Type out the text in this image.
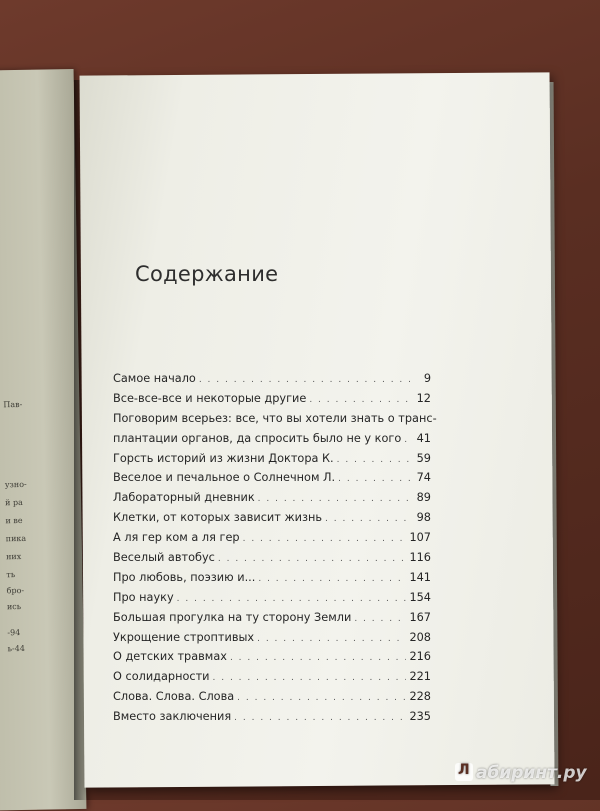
Пав-
узно-
й ра
и ве
пика
них
ть
бро-
ись
-94
ь-44
Содержание
Самое начало . . .	9
Все-все-все и некоторые другие . . .	12
Поговорим всерьез: все, что вы хотели знать о транс-
плантации органов, да спросить было не у кого . . .	41
Горсть историй из жизни Доктора К. . . .	59
Веселое и печальное о Солнечном Л. . . .	74
Лабораторный дневник . . .	89
Клетки, от которых зависит жизнь . . .	98
А ля гер ком а ля гер . . .	107
Веселый автобус . . .	116
Про любовь, поэзию и... . . .	141
Про науку . . .	154
Большая прогулка на ту сторону Земли . . .	167
Укрощение строптивых . . .	208
О детских травмах . . .	216
О солидарности . . .	221
Слова. Слова. Слова . . .	228
Вместо заключения . . .	235
Лабиринт.ру
